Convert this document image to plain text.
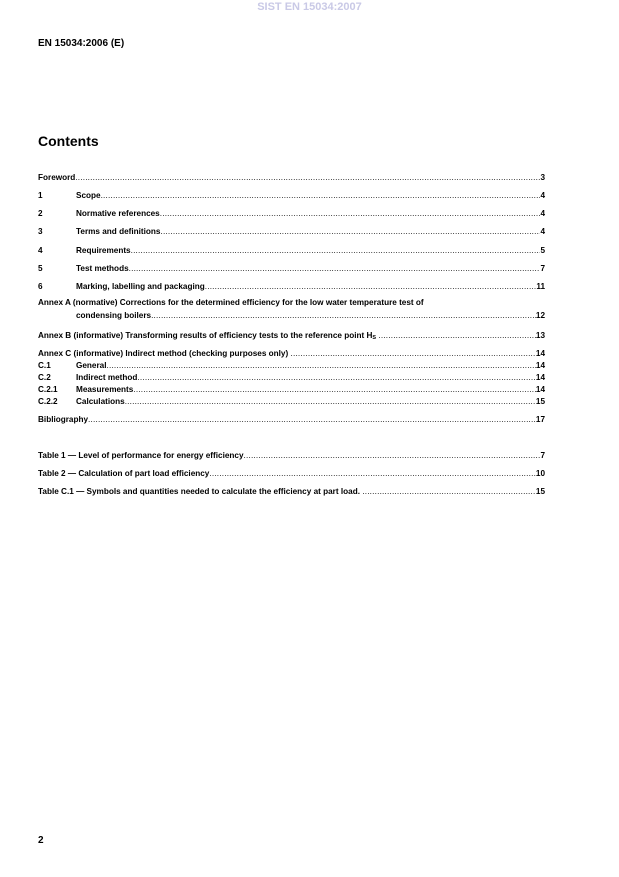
SIST EN 15034:2007
EN 15034:2006 (E)
Contents
Foreword .....	3
1	Scope .....	4
2	Normative references .....	4
3	Terms and definitions .....	4
4	Requirements .....	5
5	Test methods .....	7
6	Marking, labelling and packaging .....	11
Annex A (normative) Corrections for the determined efficiency for the low water temperature test of
condensing boilers .....	12
Annex B (informative) Transforming results of efficiency tests to the reference point $H_S$
.....	13
Annex C (informative) Indirect method (checking purposes only)
.....	14
C.1	General .....	14
C.2	Indirect method .....	14
C.2.1	Measurements .....	14
C.2.2	Calculations .....	15
Bibliography .....	17
Table 1 — Level of performance for energy efficiency .....	7
Table 2 — Calculation of part load efficiency .....	10
Table C.1 — Symbols and quantities needed to calculate the efficiency at part load. .....	15
2
